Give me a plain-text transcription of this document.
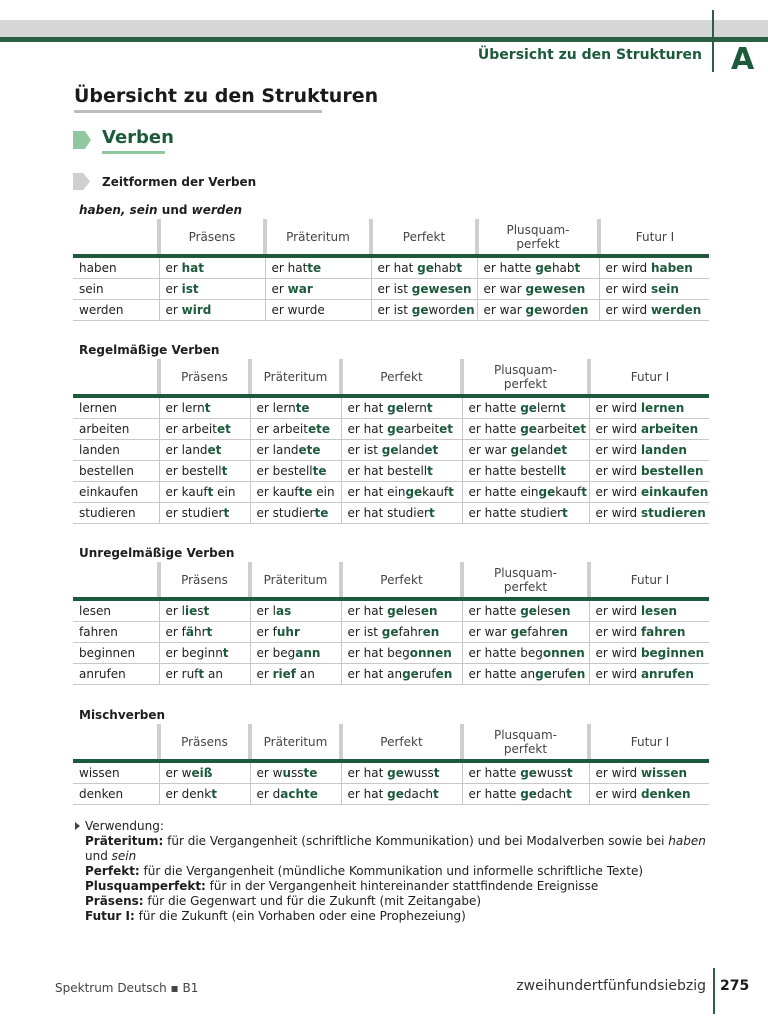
Übersicht zu den Strukturen A
Übersicht zu den Strukturen
Verben
Zeitformen der Verben
haben, sein und werden
	Präsens	Präteritum	Perfekt	Plusquam-
perfekt	Futur I
haben	er hat	er hatte	er hat gehabt	er hatte gehabt	er wird haben
sein	er ist	er war	er ist gewesen	er war gewesen	er wird sein
werden	er wird	er wurde	er ist geworden	er war geworden	er wird werden
Regelmäßige Verben
	Präsens	Präteritum	Perfekt	Plusquam-
perfekt	Futur I
lernen	er lernt	er lernte	er hat gelernt	er hatte gelernt	er wird lernen
arbeiten	er arbeitet	er arbeitete	er hat gearbeitet	er hatte gearbeitet	er wird arbeiten
landen	er landet	er landete	er ist gelandet	er war gelandet	er wird landen
bestellen	er bestellt	er bestellte	er hat bestellt	er hatte bestellt	er wird bestellen
einkaufen	er kauft ein	er kaufte ein	er hat eingekauft	er hatte eingekauft	er wird einkaufen
studieren	er studiert	er studierte	er hat studiert	er hatte studiert	er wird studieren
Unregelmäßige Verben
	Präsens	Präteritum	Perfekt	Plusquam-
perfekt	Futur I
lesen	er liest	er las	er hat gelesen	er hatte gelesen	er wird lesen
fahren	er fährt	er fuhr	er ist gefahren	er war gefahren	er wird fahren
beginnen	er beginnt	er begann	er hat begonnen	er hatte begonnen	er wird beginnen
anrufen	er ruft an	er rief an	er hat angerufen	er hatte angerufen	er wird anrufen
Mischverben
	Präsens	Präteritum	Perfekt	Plusquam-
perfekt	Futur I
wissen	er weiß	er wusste	er hat gewusst	er hatte gewusst	er wird wissen
denken	er denkt	er dachte	er hat gedacht	er hatte gedacht	er wird denken
Verwendung:
Präteritum: für die Vergangenheit (schriftliche Kommunikation) und bei Modalverben sowie bei haben und sein
Perfekt: für die Vergangenheit (mündliche Kommunikation und informelle schriftliche Texte)
Plusquamperfekt: für in der Vergangenheit hintereinander stattfindende Ereignisse
Präsens: für die Gegenwart und für die Zukunft (mit Zeitangabe)
Futur I: für die Zukunft (ein Vorhaben oder eine Prophezeiung)
Spektrum Deutsch ▪ B1	zweihundertfünfundsiebzig 275
